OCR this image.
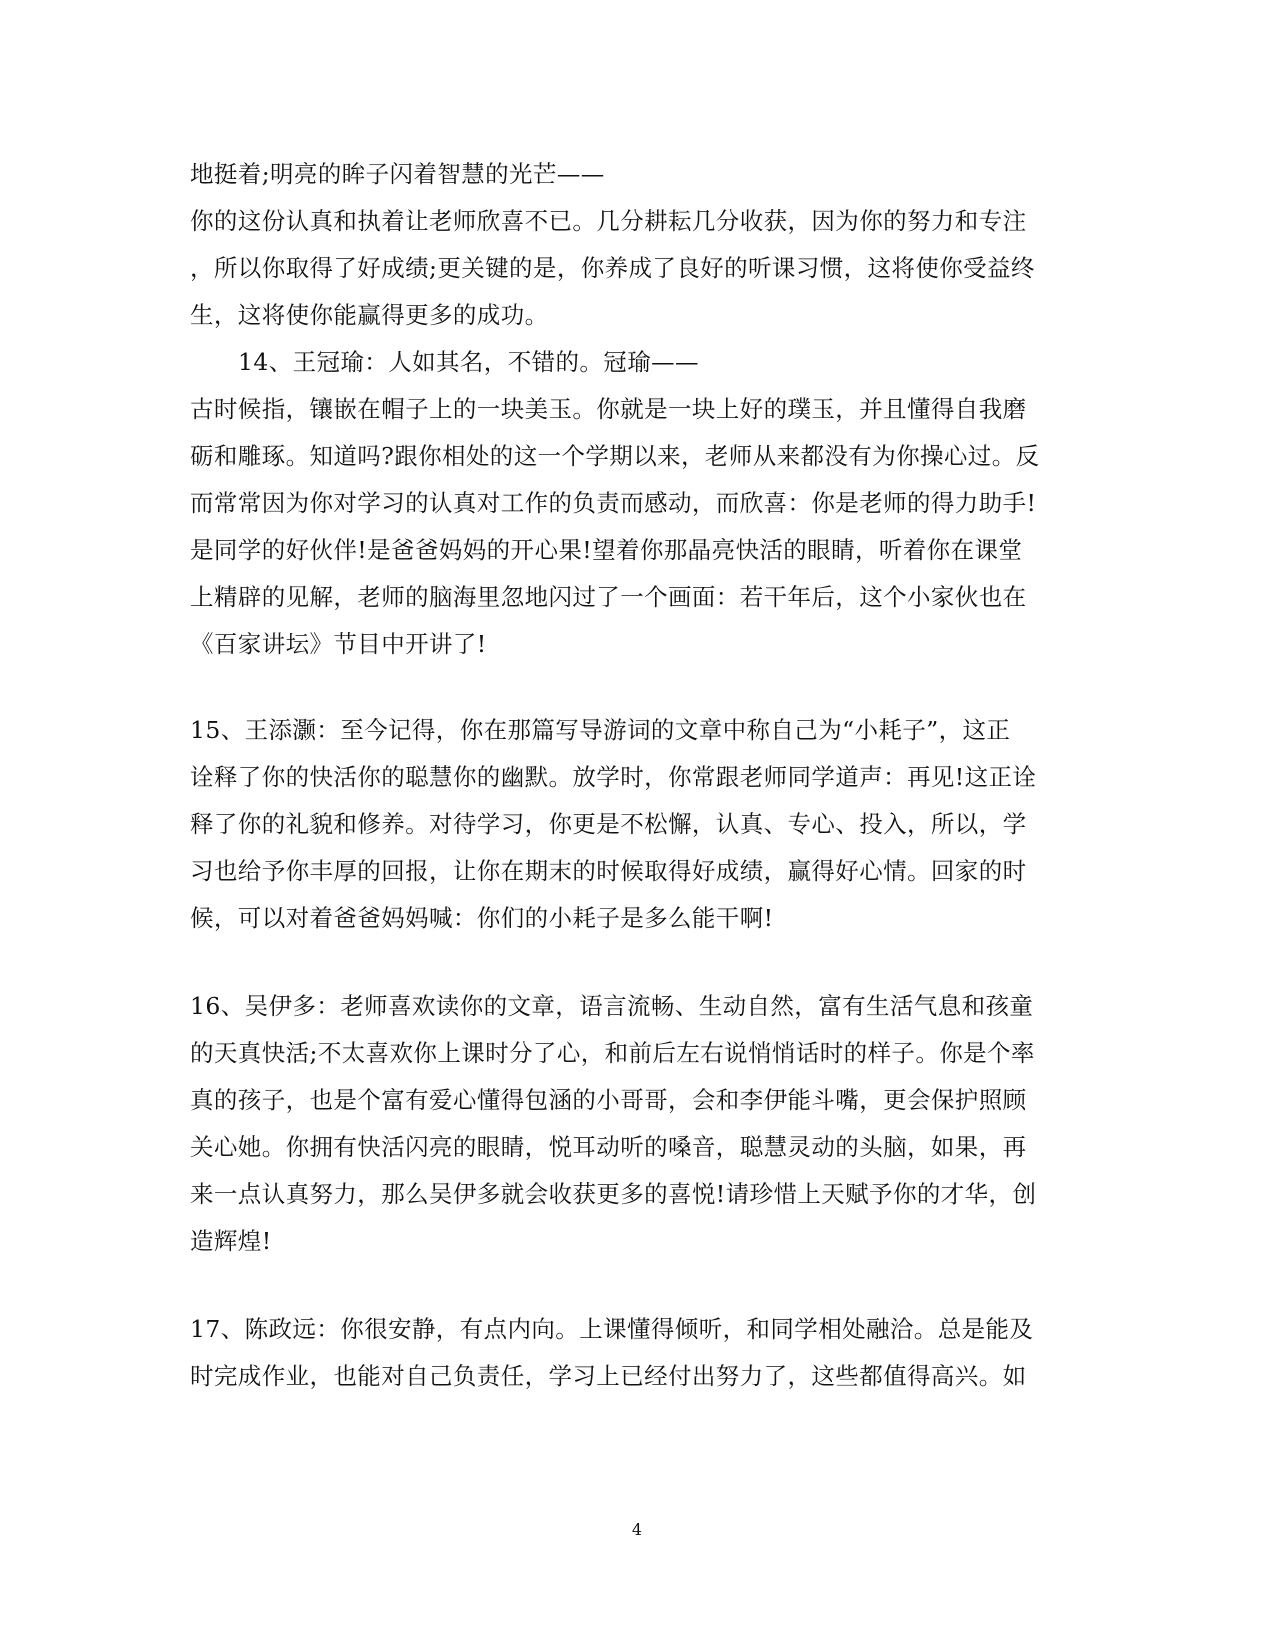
地挺着;明亮的眸子闪着智慧的光芒——
你的这份认真和执着让老师欣喜不已。几分耕耘几分收获，因为你的努力和专注
，所以你取得了好成绩;更关键的是，你养成了良好的听课习惯，这将使你受益终
生，这将使你能赢得更多的成功。
14、王冠瑜：人如其名，不错的。冠瑜——
古时候指，镶嵌在帽子上的一块美玉。你就是一块上好的璞玉，并且懂得自我磨
砺和雕琢。知道吗?跟你相处的这一个学期以来，老师从来都没有为你操心过。反
而常常因为你对学习的认真对工作的负责而感动，而欣喜：你是老师的得力助手!
是同学的好伙伴!是爸爸妈妈的开心果!望着你那晶亮快活的眼睛，听着你在课堂
上精辟的见解，老师的脑海里忽地闪过了一个画面：若干年后，这个小家伙也在
《百家讲坛》节目中开讲了!
15、王添灏：至今记得，你在那篇写导游词的文章中称自己为“小耗子”，这正
诠释了你的快活你的聪慧你的幽默。放学时，你常跟老师同学道声：再见!这正诠
释了你的礼貌和修养。对待学习，你更是不松懈，认真、专心、投入，所以，学
习也给予你丰厚的回报，让你在期末的时候取得好成绩，赢得好心情。回家的时
候，可以对着爸爸妈妈喊：你们的小耗子是多么能干啊!
16、吴伊多：老师喜欢读你的文章，语言流畅、生动自然，富有生活气息和孩童
的天真快活;不太喜欢你上课时分了心，和前后左右说悄悄话时的样子。你是个率
真的孩子，也是个富有爱心懂得包涵的小哥哥，会和李伊能斗嘴，更会保护照顾
关心她。你拥有快活闪亮的眼睛，悦耳动听的嗓音，聪慧灵动的头脑，如果，再
来一点认真努力，那么吴伊多就会收获更多的喜悦!请珍惜上天赋予你的才华，创
造辉煌!
17、陈政远：你很安静，有点内向。上课懂得倾听，和同学相处融洽。总是能及
时完成作业，也能对自己负责任，学习上已经付出努力了，这些都值得高兴。如
4
